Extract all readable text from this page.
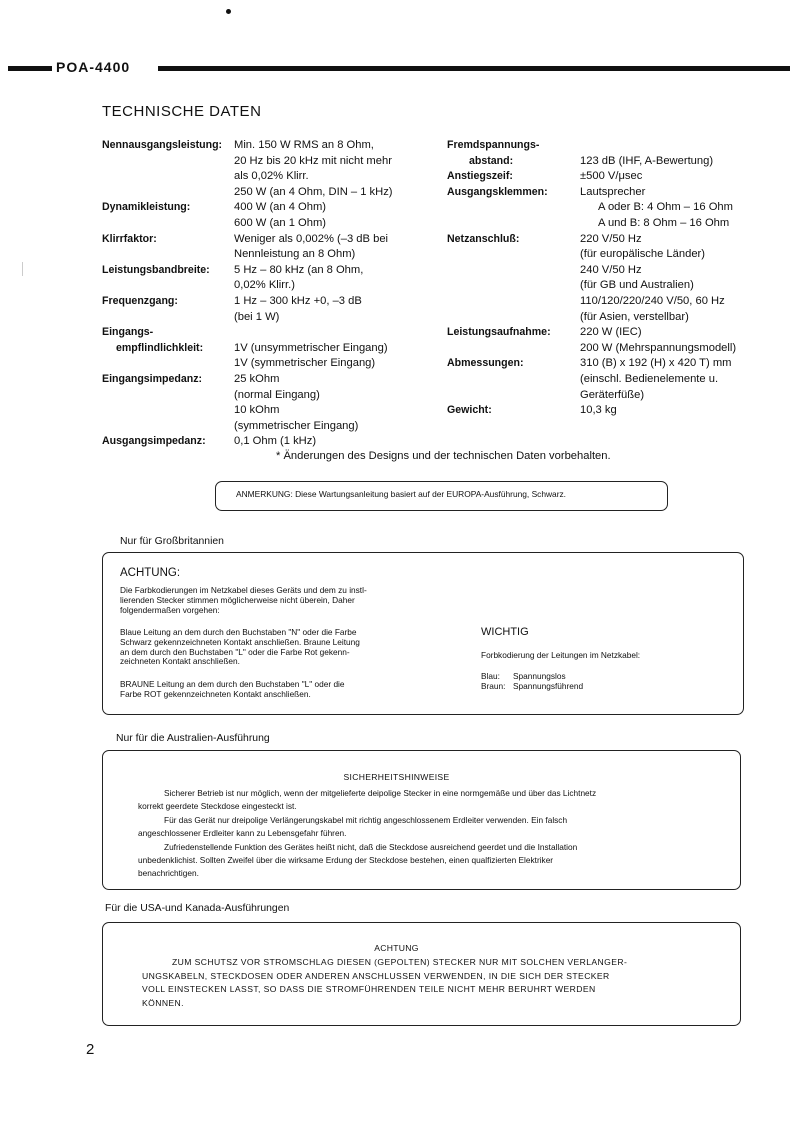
POA-4400
TECHNISCHE DATEN
Nennausgangsleistung:
Dynamikleistung:
Klirrfaktor:
Leistungsbandbreite:
Frequenzgang:
Eingangs-
empflindlichkleit:
Eingangsimpedanz:
Ausgangsimpedanz:
Min. 150 W RMS an 8 Ohm,
20 Hz bis 20 kHz mit nicht mehr
als 0,02% Klirr.
250 W (an 4 Ohm, DIN – 1 kHz)
400 W (an 4 Ohm)
600 W (an 1 Ohm)
Weniger als 0,002% (–3 dB bei
Nennleistung an 8 Ohm)
5 Hz – 80 kHz (an 8 Ohm,
0,02% Klirr.)
1 Hz – 300 kHz +0, –3 dB
(bei 1 W)
1V (unsymmetrischer Eingang)
1V (symmetrischer Eingang)
25 kOhm
(normal Eingang)
10 kOhm
(symmetrischer Eingang)
0,1 Ohm (1 kHz)
Fremdspannungs-
abstand:
Anstiegszeif:
Ausgangsklemmen:
Netzanschluß:
Leistungsaufnahme:
Abmessungen:
Gewicht:
123 dB (IHF, A-Bewertung)
±500 V/μsec
Lautsprecher
A oder B: 4 Ohm – 16 Ohm
A und B: 8 Ohm – 16 Ohm
220 V/50 Hz
(für europälische Länder)
240 V/50 Hz
(für GB und Australien)
110/120/220/240 V/50, 60 Hz
(für Asien, verstellbar)
220 W (IEC)
200 W (Mehrspannungsmodell)
310 (B) x 192 (H) x 420 T) mm
(einschl. Bedienelemente u.
Geräterfüße)
10,3 kg
* Änderungen des Designs und der technischen Daten vorbehalten.
ANMERKUNG: Diese Wartungsanleitung basiert auf der EUROPA-Ausführung, Schwarz.
Nur für Großbritannien
ACHTUNG:
Die Farbkodierungen im Netzkabel dieses Geräts und dem zu instl-
lierenden Stecker stimmen möglicherweise nicht überein, Daher
folgendermaßen vorgehen:
Blaue Leitung an dem durch den Buchstaben "N" oder die Farbe
Schwarz gekennzeichneten Kontakt anschließen. Braune Leitung
an dem durch den Buchstaben "L" oder die Farbe Rot gekenn-
zeichneten Kontakt anschließen.
BRAUNE Leitung an dem durch den Buchstaben "L" oder die
Farbe ROT gekennzeichneten Kontakt anschließen.
WICHTIG
Forbkodierung der Leitungen im Netzkabel:
Blau: Spannungslos
Braun: Spannungsführend
Nur für die Australien-Ausführung
SICHERHEITSHINWEISE
Sicherer Betrieb ist nur möglich, wenn der mitgelieferte deipolige Stecker in eine normgemäße und über das Lichtnetz
korrekt geerdete Steckdose eingesteckt ist.
Für das Gerät nur dreipolige Verlängerungskabel mit richtig angeschlossenem Erdleiter verwenden. Ein falsch
angeschlossener Erdleiter kann zu Lebensgefahr führen.
Zufriedenstellende Funktion des Gerätes heißt nicht, daß die Steckdose ausreichend geerdet und die Installation
unbedenklichist. Sollten Zweifel über die wirksame Erdung der Steckdose bestehen, einen qualfizierten Elektriker
benachrichtigen.
Für die USA-und Kanada-Ausführungen
ACHTUNG
ZUM SCHUTSZ VOR STROMSCHLAG DIESEN (GEPOLTEN) STECKER NUR MIT SOLCHEN VERLANGER-
UNGSKABELN, STECKDOSEN ODER ANDEREN ANSCHLUSSEN VERWENDEN, IN DIE SICH DER STECKER
VOLL EINSTECKEN LASST, SO DASS DIE STROMFÜHRENDEN TEILE NICHT MEHR BERUHRT WERDEN
KÖNNEN.
2
